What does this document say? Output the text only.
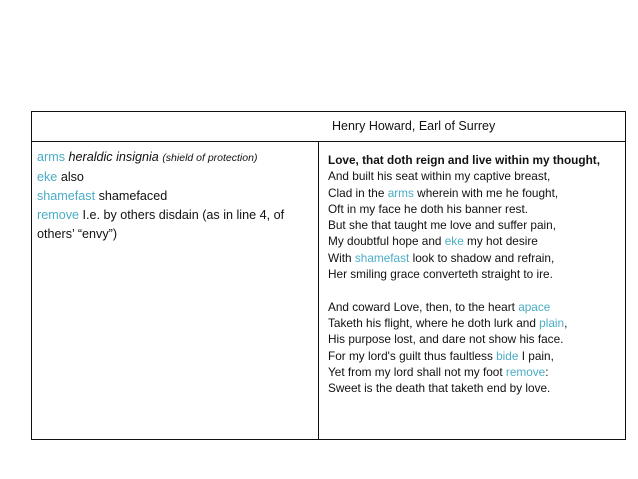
Henry Howard, Earl of Surrey
arms heraldic insignia (shield of protection)
eke also
shamefast shamefaced
remove I.e. by others disdain (as in line 4, of others’ “envy”)
Love, that doth reign and live within my thought,
And built his seat within my captive breast,
Clad in the arms wherein with me he fought,
Oft in my face he doth his banner rest.
But she that taught me love and suffer pain,
My doubtful hope and eke my hot desire
With shamefast look to shadow and refrain,
Her smiling grace converteth straight to ire.
And coward Love, then, to the heart apace
Taketh his flight, where he doth lurk and plain,
His purpose lost, and dare not show his face.
For my lord's guilt thus faultless bide I pain,
Yet from my lord shall not my foot remove:
Sweet is the death that taketh end by love.
